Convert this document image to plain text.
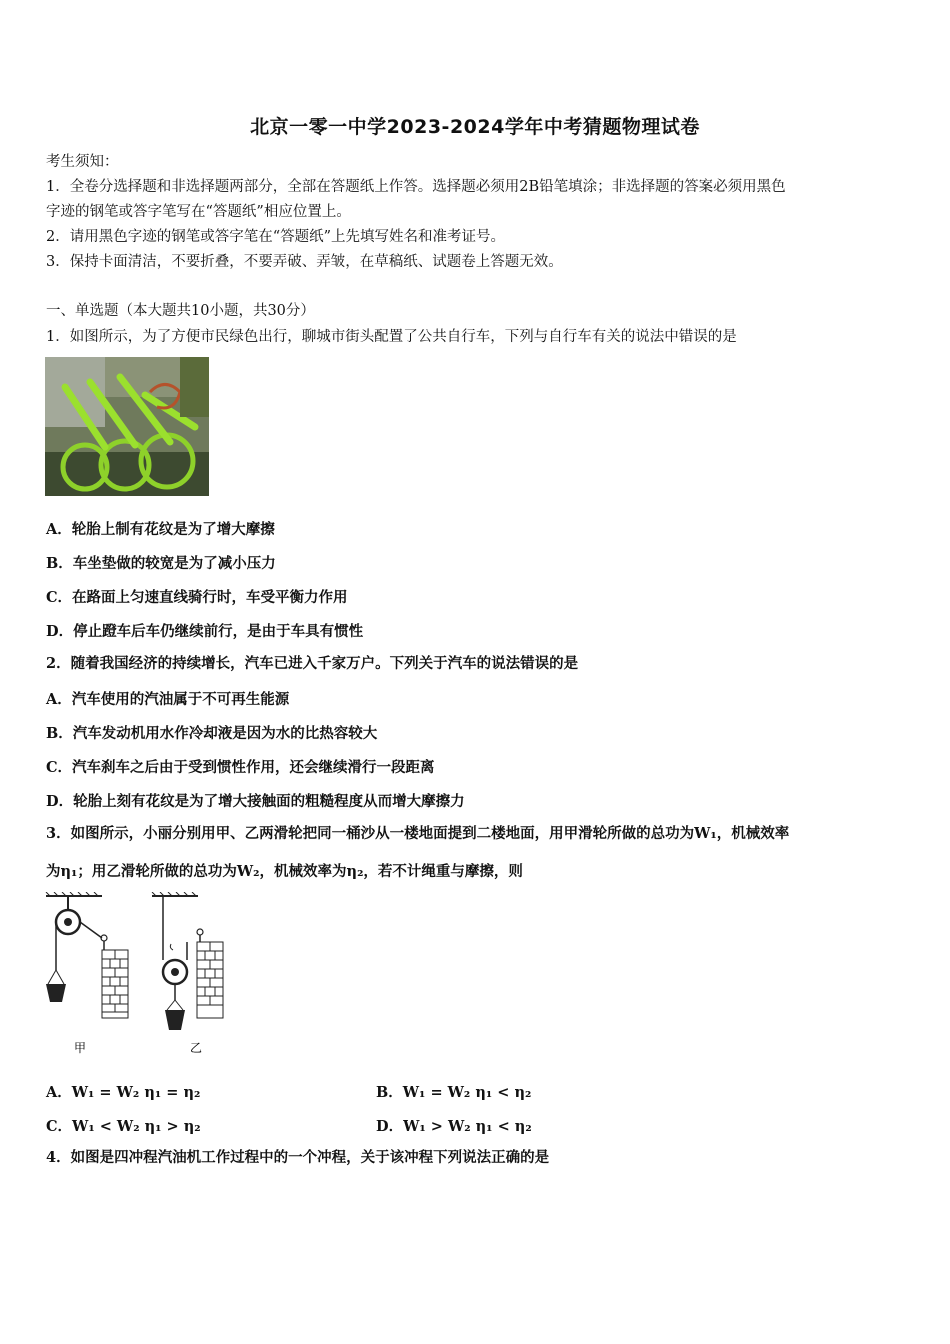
北京一零一中学2023-2024学年中考猜题物理试卷
考生须知：
1．全卷分选择题和非选择题两部分，全部在答题纸上作答。选择题必须用2B铅笔填涂；非选择题的答案必须用黑色
字迹的钢笔或答字笔写在“答题纸”相应位置上。
2．请用黑色字迹的钢笔或答字笔在“答题纸”上先填写姓名和准考证号。
3．保持卡面清洁，不要折叠，不要弄破、弄皱，在草稿纸、试题卷上答题无效。
一、单选题（本大题共10小题，共30分）
1．如图所示，为了方便市民绿色出行，聊城市街头配置了公共自行车，下列与自行车有关的说法中错误的是
A．轮胎上制有花纹是为了增大摩擦
B．车坐垫做的较宽是为了减小压力
C．在路面上匀速直线骑行时，车受平衡力作用
D．停止蹬车后车仍继续前行，是由于车具有惯性
2．随着我国经济的持续增长，汽车已进入千家万户。下列关于汽车的说法错误的是
A．汽车使用的汽油属于不可再生能源
B．汽车发动机用水作冷却液是因为水的比热容较大
C．汽车刹车之后由于受到惯性作用，还会继续滑行一段距离
D．轮胎上刻有花纹是为了增大接触面的粗糙程度从而增大摩擦力
3．如图所示，小丽分别用甲、乙两滑轮把同一桶沙从一楼地面提到二楼地面，用甲滑轮所做的总功为W₁，机械效率
为η₁；用乙滑轮所做的总功为W₂，机械效率为η₂，若不计绳重与摩擦，则
甲	乙
A．W₁ = W₂ η₁ = η₂	B．W₁ = W₂ η₁ < η₂
C．W₁ < W₂ η₁ > η₂	D．W₁ > W₂ η₁ < η₂
4．如图是四冲程汽油机工作过程中的一个冲程，关于该冲程下列说法正确的是
